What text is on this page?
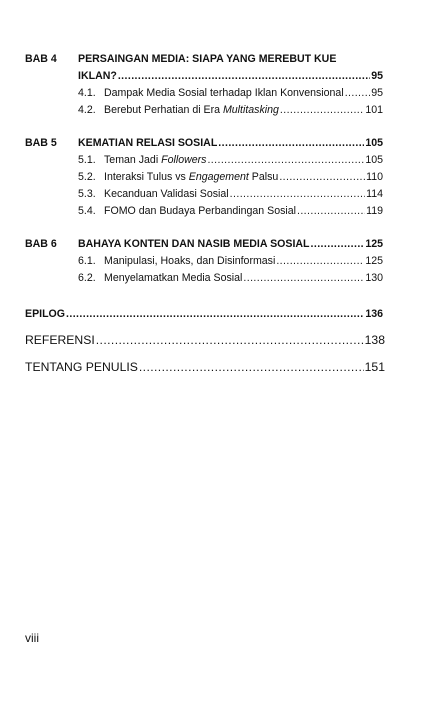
BAB 4 PERSAINGAN MEDIA: SIAPA YANG MEREBUT KUE
IKLAN? .....	95
4.1. Dampak Media Sosial terhadap Iklan Konvensional .....	95
4.2. Berebut Perhatian di Era Multitasking .....	101
BAB 5 KEMATIAN RELASI SOSIAL .....	105
5.1. Teman Jadi Followers .....	105
5.2. Interaksi Tulus vs Engagement Palsu .....	110
5.3. Kecanduan Validasi Sosial .....	114
5.4. FOMO dan Budaya Perbandingan Sosial .....	119
BAB 6 BAHAYA KONTEN DAN NASIB MEDIA SOSIAL .....	125
6.1. Manipulasi, Hoaks, dan Disinformasi .....	125
6.2. Menyelamatkan Media Sosial .....	130
EPILOG .....	136
REFERENSI .....	138
TENTANG PENULIS .....	151
viii
